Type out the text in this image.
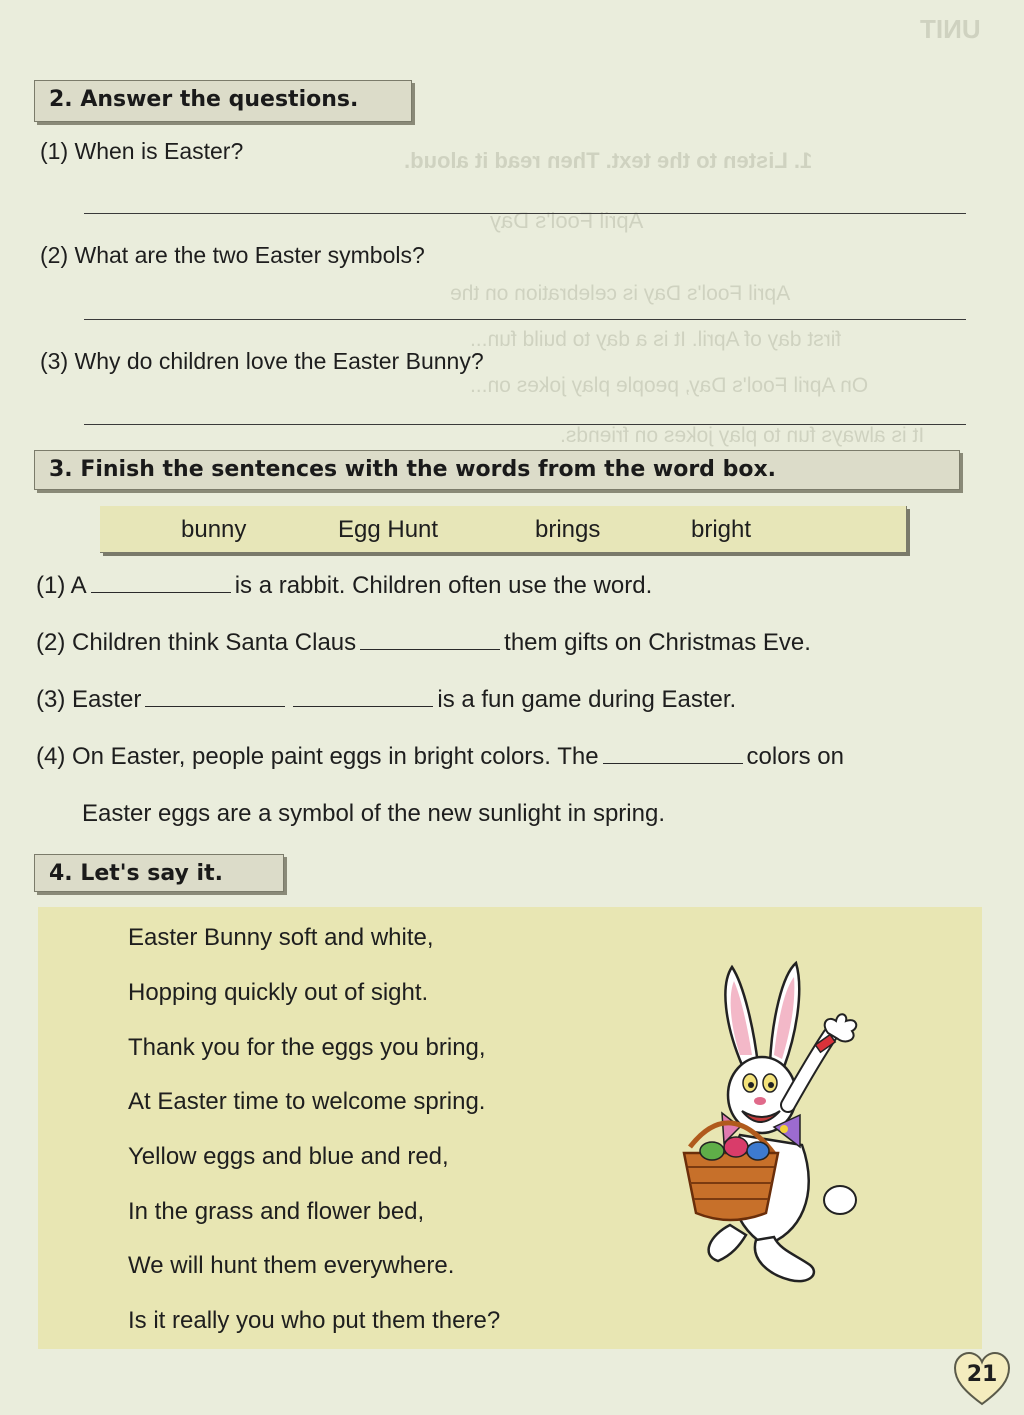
UNIT
1. Listen to the text. Then read it aloud.
April Fool's Day
April Fool's Day is celebration on the
first day of April. It is a day to build fun...
On April Fool's Day, people play jokes on...
It is always fun to play jokes on friends.
2. Answer the questions.
(1) When is Easter?
(2) What are the two Easter symbols?
(3) Why do children love the Easter Bunny?
3. Finish the sentences with the words from the word box.
bunny	Egg Hunt	brings	bright
(1) A	is a rabbit. Children often use the word.
(2) Children think Santa Claus	them gifts on Christmas Eve.
(3) Easter	is a fun game during Easter.
(4) On Easter, people paint eggs in bright colors. The	colors on
Easter eggs are a symbol of the new sunlight in spring.
4. Let's say it.
Easter Bunny soft and white,
Hopping quickly out of sight.
Thank you for the eggs you bring,
At Easter time to welcome spring.
Yellow eggs and blue and red,
In the grass and flower bed,
We will hunt them everywhere.
Is it really you who put them there?
21
